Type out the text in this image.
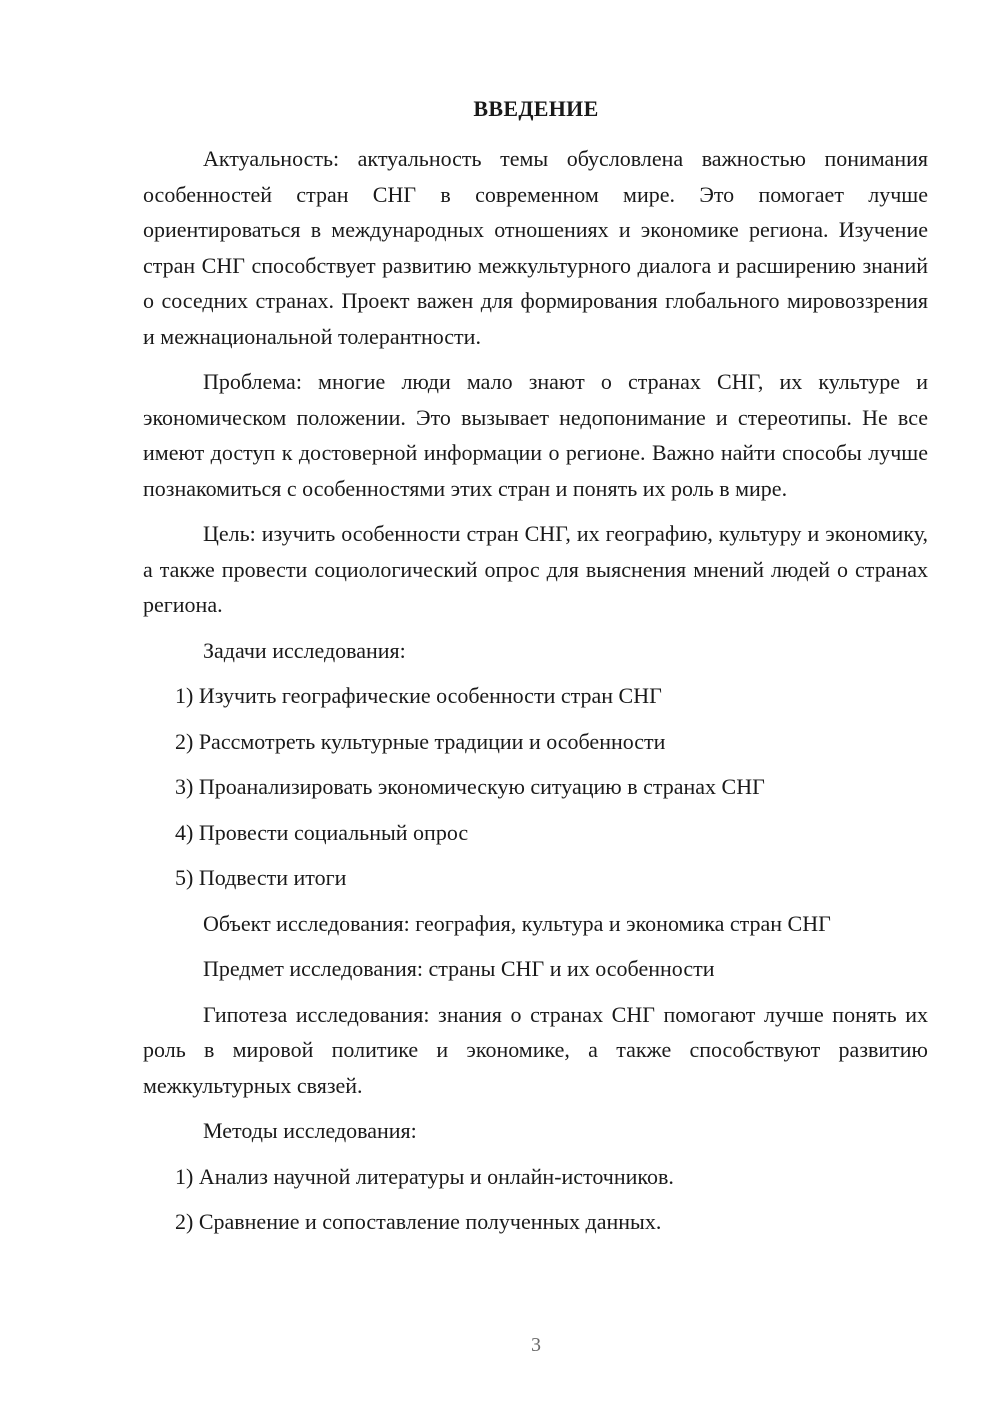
ВВЕДЕНИЕ

Актуальность: актуальность темы обусловлена важностью понимания особенностей стран СНГ в современном мире. Это помогает лучше ориентироваться в международных отношениях и экономике региона. Изучение стран СНГ способствует развитию межкультурного диалога и расширению знаний о соседних странах. Проект важен для формирования глобального мировоззрения и межнациональной толерантности.

Проблема: многие люди мало знают о странах СНГ, их культуре и экономическом положении. Это вызывает недопонимание и стереотипы. Не все имеют доступ к достоверной информации о регионе. Важно найти способы лучше познакомиться с особенностями этих стран и понять их роль в мире.

Цель: изучить особенности стран СНГ, их географию, культуру и экономику, а также провести социологический опрос для выяснения мнений людей о странах региона.

Задачи исследования:

1) Изучить географические особенности стран СНГ
2) Рассмотреть культурные традиции и особенности
3) Проанализировать экономическую ситуацию в странах СНГ
4) Провести социальный опрос
5) Подвести итоги

Объект исследования: география, культура и экономика стран СНГ

Предмет исследования: страны СНГ и их особенности

Гипотеза исследования: знания о странах СНГ помогают лучше понять их роль в мировой политике и экономике, а также способствуют развитию межкультурных связей.

Методы исследования:

1) Анализ научной литературы и онлайн-источников.
2) Сравнение и сопоставление полученных данных.
3
